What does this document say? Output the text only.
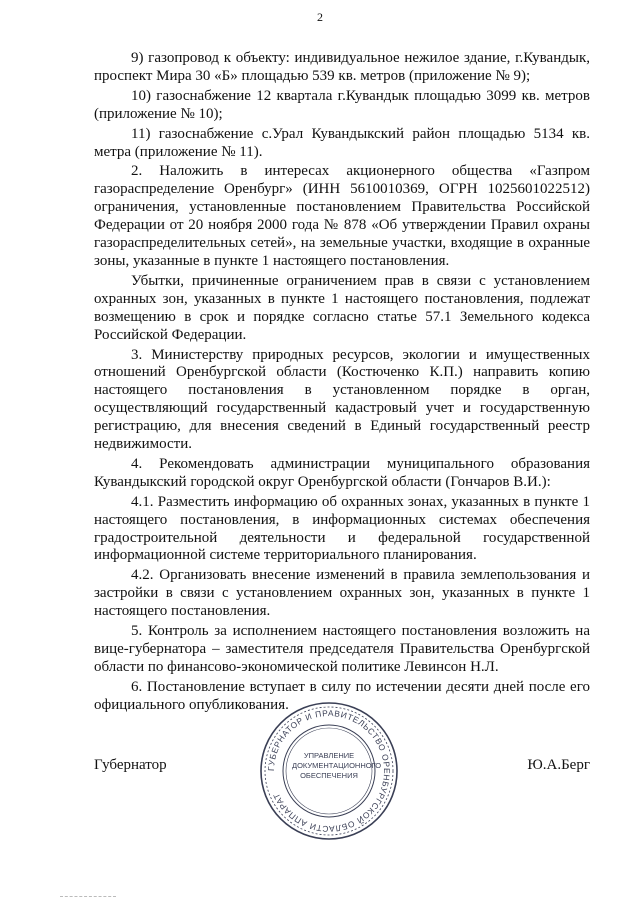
2

9) газопровод к объекту: индивидуальное нежилое здание, г.Кувандык, проспект Мира 30 «Б» площадью 539 кв. метров (приложение № 9);

10) газоснабжение 12 квартала г.Кувандык площадью 3099 кв. метров (приложение № 10);

11) газоснабжение с.Урал Кувандыкский район площадью 5134 кв. метра (приложение № 11).

2. Наложить в интересах акционерного общества «Газпром газораспределение Оренбург» (ИНН 5610010369, ОГРН 1025601022512) ограничения, установленные постановлением Правительства Российской Федерации от 20 ноября 2000 года № 878 «Об утверждении Правил охраны газораспределительных сетей», на земельные участки, входящие в охранные зоны, указанные в пункте 1 настоящего постановления.

Убытки, причиненные ограничением прав в связи с установлением охранных зон, указанных в пункте 1 настоящего постановления, подлежат возмещению в срок и порядке согласно статье 57.1 Земельного кодекса Российской Федерации.

3. Министерству природных ресурсов, экологии и имущественных отношений Оренбургской области (Костюченко К.П.) направить копию настоящего постановления в установленном порядке в орган, осуществляющий государственный кадастровый учет и государственную регистрацию, для внесения сведений в Единый государственный реестр недвижимости.

4. Рекомендовать администрации муниципального образования Кувандыкский городской округ Оренбургской области (Гончаров В.И.):

4.1. Разместить информацию об охранных зонах, указанных в пункте 1 настоящего постановления, в информационных системах обеспечения градостроительной деятельности и федеральной государственной информационной системе территориального планирования.

4.2. Организовать внесение изменений в правила землепользования и застройки в связи с установлением охранных зон, указанных в пункте 1 настоящего постановления.

5. Контроль за исполнением настоящего постановления возложить на вице-губернатора – заместителя председателя Правительства Оренбургской области по финансово-экономической политике Левинсон Н.Л.

6. Постановление вступает в силу по истечении десяти дней после его официального опубликования.

ГУБЕРНАТОР И ПРАВИТЕЛЬСТВО ОРЕНБУРГСКОЙ ОБЛАСТИ АППАРАТ
УПРАВЛЕНИЕ ДОКУМЕНТАЦИОННОГО ОБЕСПЕЧЕНИЯ
Губернатор	Ю.А.Берг
